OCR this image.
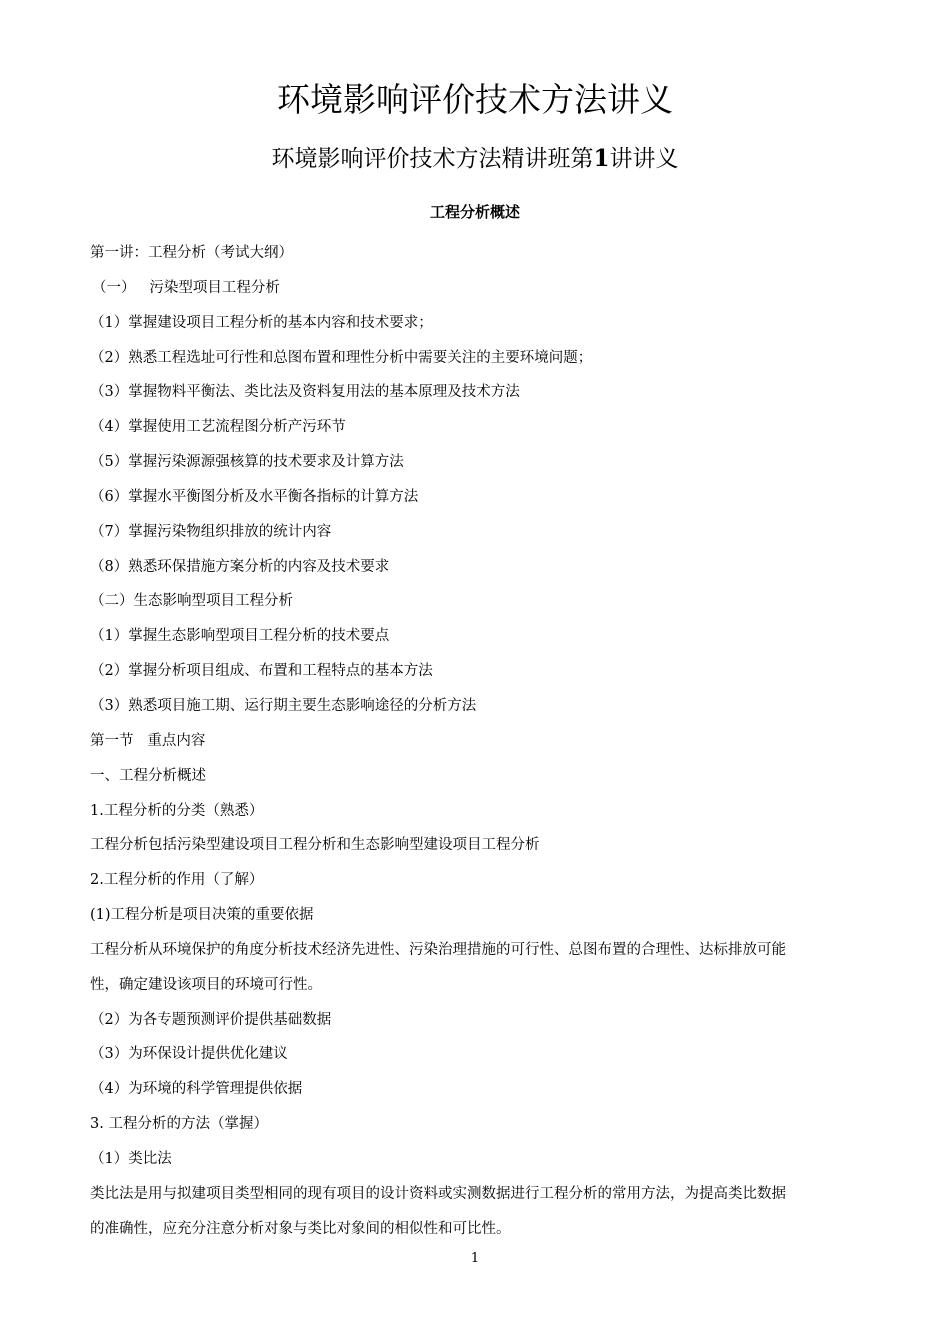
环境影响评价技术方法讲义
环境影响评价技术方法精讲班第1讲讲义
工程分析概述
第一讲：工程分析（考试大纲）
（一）   污染型项目工程分析
（1）掌握建设项目工程分析的基本内容和技术要求；
（2）熟悉工程选址可行性和总图布置和理性分析中需要关注的主要环境问题；
（3）掌握物料平衡法、类比法及资料复用法的基本原理及技术方法
（4）掌握使用工艺流程图分析产污环节
（5）掌握污染源源强核算的技术要求及计算方法
（6）掌握水平衡图分析及水平衡各指标的计算方法
（7）掌握污染物组织排放的统计内容
（8）熟悉环保措施方案分析的内容及技术要求
（二）生态影响型项目工程分析
（1）掌握生态影响型项目工程分析的技术要点
（2）掌握分析项目组成、布置和工程特点的基本方法
（3）熟悉项目施工期、运行期主要生态影响途径的分析方法
第一节   重点内容
一、工程分析概述
1.工程分析的分类（熟悉）
工程分析包括污染型建设项目工程分析和生态影响型建设项目工程分析
2.工程分析的作用（了解）
(1)工程分析是项目决策的重要依据
工程分析从环境保护的角度分析技术经济先进性、污染治理措施的可行性、总图布置的合理性、达标排放可能
性，确定建设该项目的环境可行性。
（2）为各专题预测评价提供基础数据
（3）为环保设计提供优化建议
（4）为环境的科学管理提供依据
3. 工程分析的方法（掌握）
（1）类比法
类比法是用与拟建项目类型相同的现有项目的设计资料或实测数据进行工程分析的常用方法，为提高类比数据
的准确性，应充分注意分析对象与类比对象间的相似性和可比性。
1
